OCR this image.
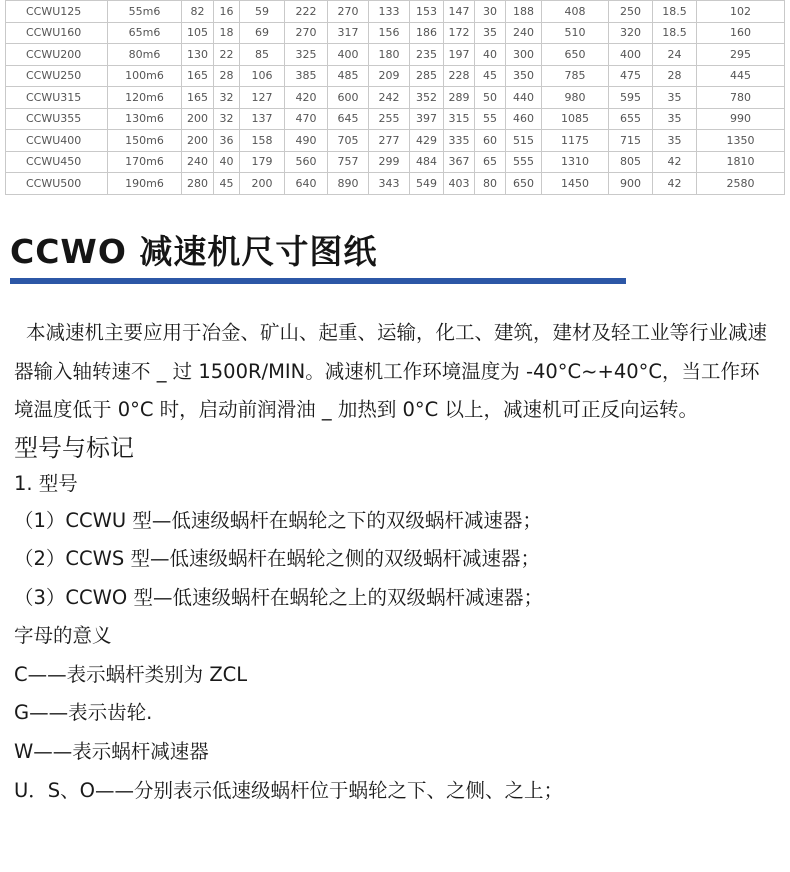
CCWU125	55m6	82	16	59	222	270	133	153	147	30	188	408	250	18.5	102
CCWU160	65m6	105	18	69	270	317	156	186	172	35	240	510	320	18.5	160
CCWU200	80m6	130	22	85	325	400	180	235	197	40	300	650	400	24	295
CCWU250	100m6	165	28	106	385	485	209	285	228	45	350	785	475	28	445
CCWU315	120m6	165	32	127	420	600	242	352	289	50	440	980	595	35	780
CCWU355	130m6	200	32	137	470	645	255	397	315	55	460	1085	655	35	990
CCWU400	150m6	200	36	158	490	705	277	429	335	60	515	1175	715	35	1350
CCWU450	170m6	240	40	179	560	757	299	484	367	65	555	1310	805	42	1810
CCWU500	190m6	280	45	200	640	890	343	549	403	80	650	1450	900	42	2580
CCWO 减速机尺寸图纸

本减速机主要应用于冶金、矿山、起重、运输，化工、建筑，建材及轻工业等行业减速器输入轴转速不 _ 过 1500R/MIN。减速机工作环境温度为 -40°C~+40°C，当工作环境温度低于 0°C 时，启动前润滑油 _ 加热到 0°C 以上，减速机可正反向运转。

型号与标记

1. 型号

（1）CCWU 型—低速级蜗杆在蜗轮之下的双级蜗杆减速器；

（2）CCWS 型—低速级蜗杆在蜗轮之侧的双级蜗杆减速器；

（3）CCWO 型—低速级蜗杆在蜗轮之上的双级蜗杆减速器；

字母的意义

C——表示蜗杆类别为 ZCL

G——表示齿轮.

W——表示蜗杆减速器

U．S、O——分别表示低速级蜗杆位于蜗轮之下、之侧、之上；
